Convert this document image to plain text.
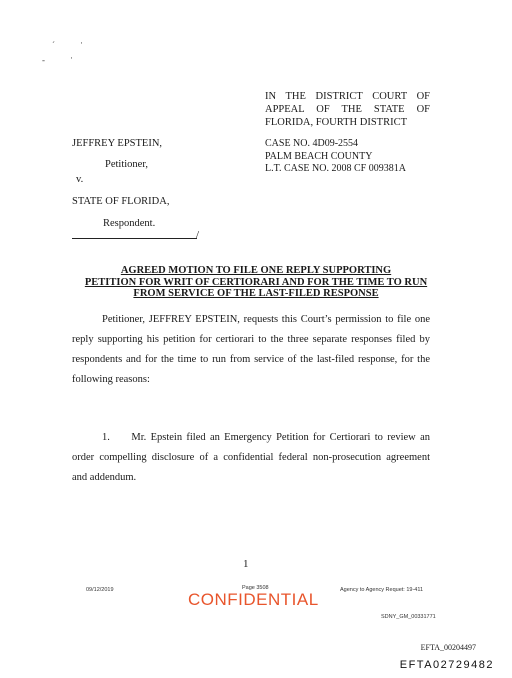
ˊ	·
-	·
IN THE DISTRICT COURT OF
APPEAL OF THE STATE OF
FLORIDA, FOURTH DISTRICT
JEFFREY EPSTEIN,
Petitioner,
v.
STATE OF FLORIDA,
Respondent.
/
CASE NO. 4D09-2554
PALM BEACH COUNTY
L.T. CASE NO. 2008 CF 009381A
AGREED MOTION TO FILE ONE REPLY SUPPORTING
PETITION FOR WRIT OF CERTIORARI AND FOR THE TIME TO RUN
FROM SERVICE OF THE LAST-FILED RESPONSE
Petitioner, JEFFREY EPSTEIN, requests this Court’s permission to file one
reply supporting his petition for certiorari to the three separate responses filed by
respondents and for the time to run from service of the last-filed response, for the
following reasons:
1.     Mr. Epstein filed an Emergency Petition for Certiorari to review an
order compelling disclosure of a confidential federal non-prosecution agreement
and addendum.
1
09/12/2019	Page 3508	Agency to Agency Requet: 19-411
CONFIDENTIAL
SDNY_GM_00331771
EFTA_00204497
EFTA02729482
